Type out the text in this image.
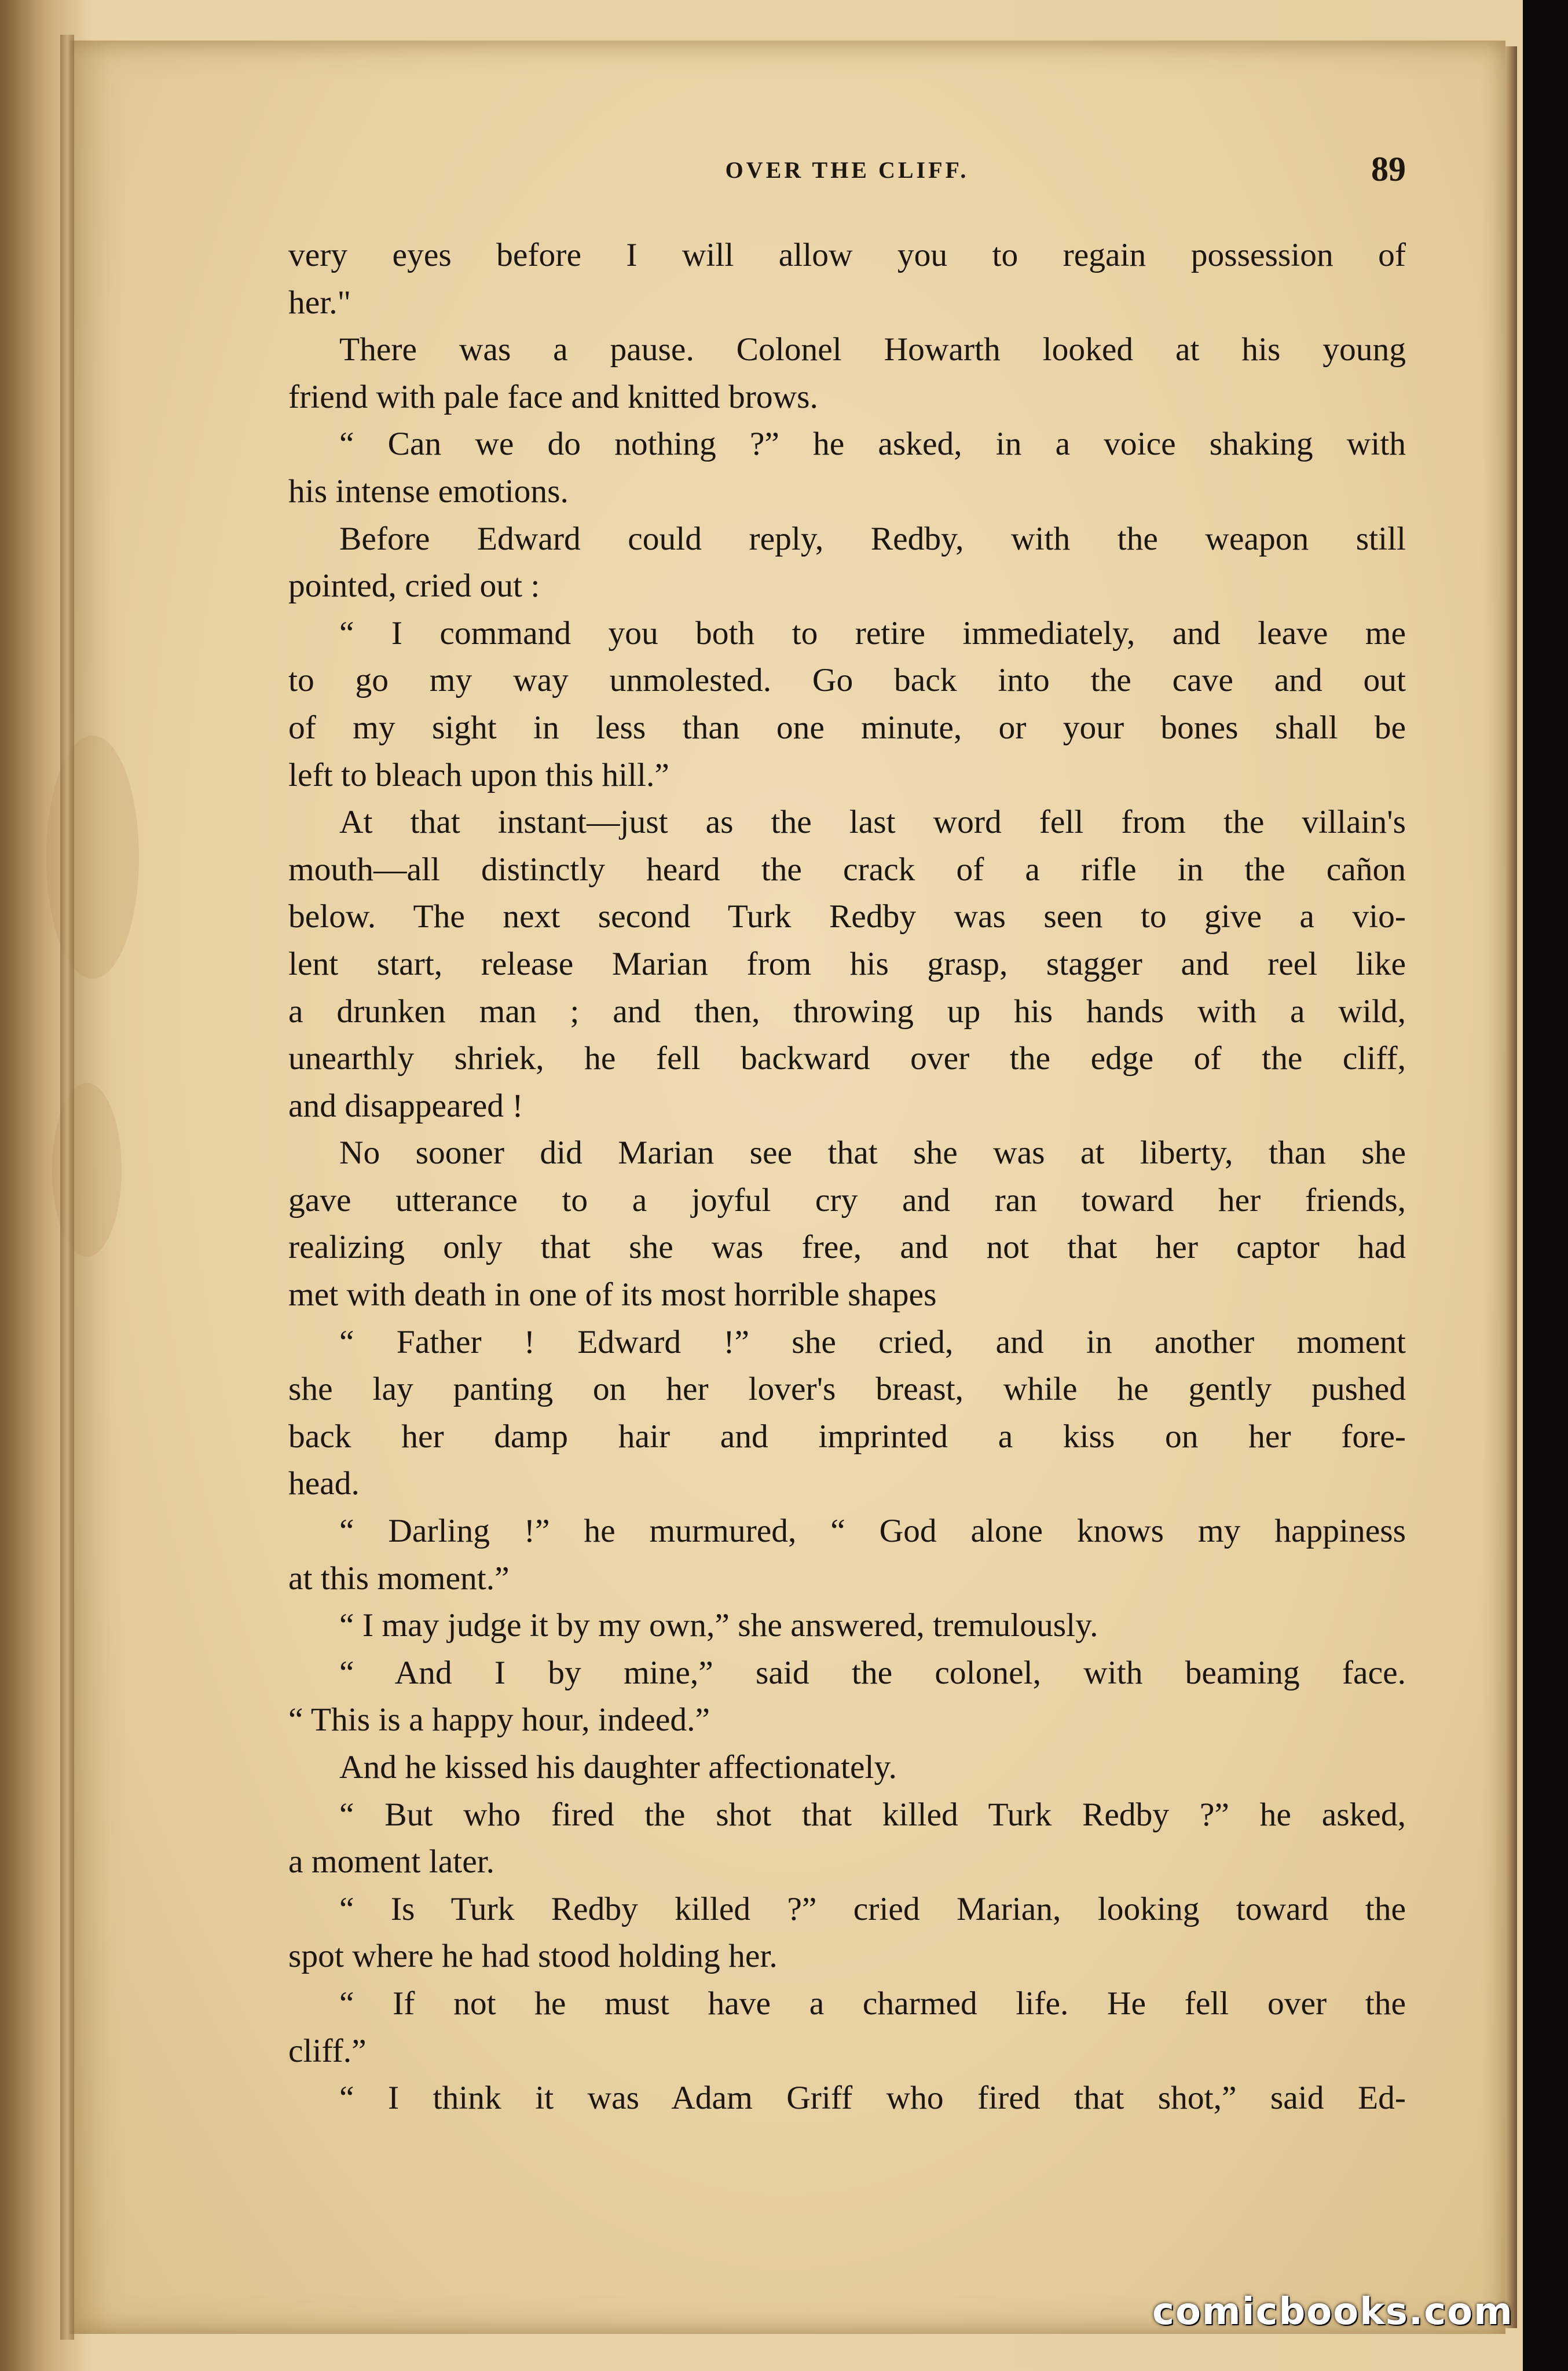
OVER THE CLIFF.	89
very eyes before I will allow you to regain possession of
her."
There was a pause. Colonel Howarth looked at his young
friend with pale face and knitted brows.
“ Can we do nothing ?” he asked, in a voice shaking with
his intense emotions.
Before Edward could reply, Redby, with the weapon still
pointed, cried out :
“ I command you both to retire immediately, and leave me
to go my way unmolested. Go back into the cave and out
of my sight in less than one minute, or your bones shall be
left to bleach upon this hill.”
At that instant—just as the last word fell from the villain's
mouth—all distinctly heard the crack of a rifle in the cañon
below. The next second Turk Redby was seen to give a vio-
lent start, release Marian from his grasp, stagger and reel like
a drunken man ; and then, throwing up his hands with a wild,
unearthly shriek, he fell backward over the edge of the cliff,
and disappeared !
No sooner did Marian see that she was at liberty, than she
gave utterance to a joyful cry and ran toward her friends,
realizing only that she was free, and not that her captor had
met with death in one of its most horrible shapes
“ Father ! Edward !” she cried, and in another moment
she lay panting on her lover's breast, while he gently pushed
back her damp hair and imprinted a kiss on her fore-
head.
“ Darling !” he murmured, “ God alone knows my happiness
at this moment.”
“ I may judge it by my own,” she answered, tremulously.
“ And I by mine,” said the colonel, with beaming face.
“ This is a happy hour, indeed.”
And he kissed his daughter affectionately.
“ But who fired the shot that killed Turk Redby ?” he asked,
a moment later.
“ Is Turk Redby killed ?” cried Marian, looking toward the
spot where he had stood holding her.
“ If not he must have a charmed life. He fell over the
cliff.”
“ I think it was Adam Griff who fired that shot,” said Ed-
comicbooks.com
